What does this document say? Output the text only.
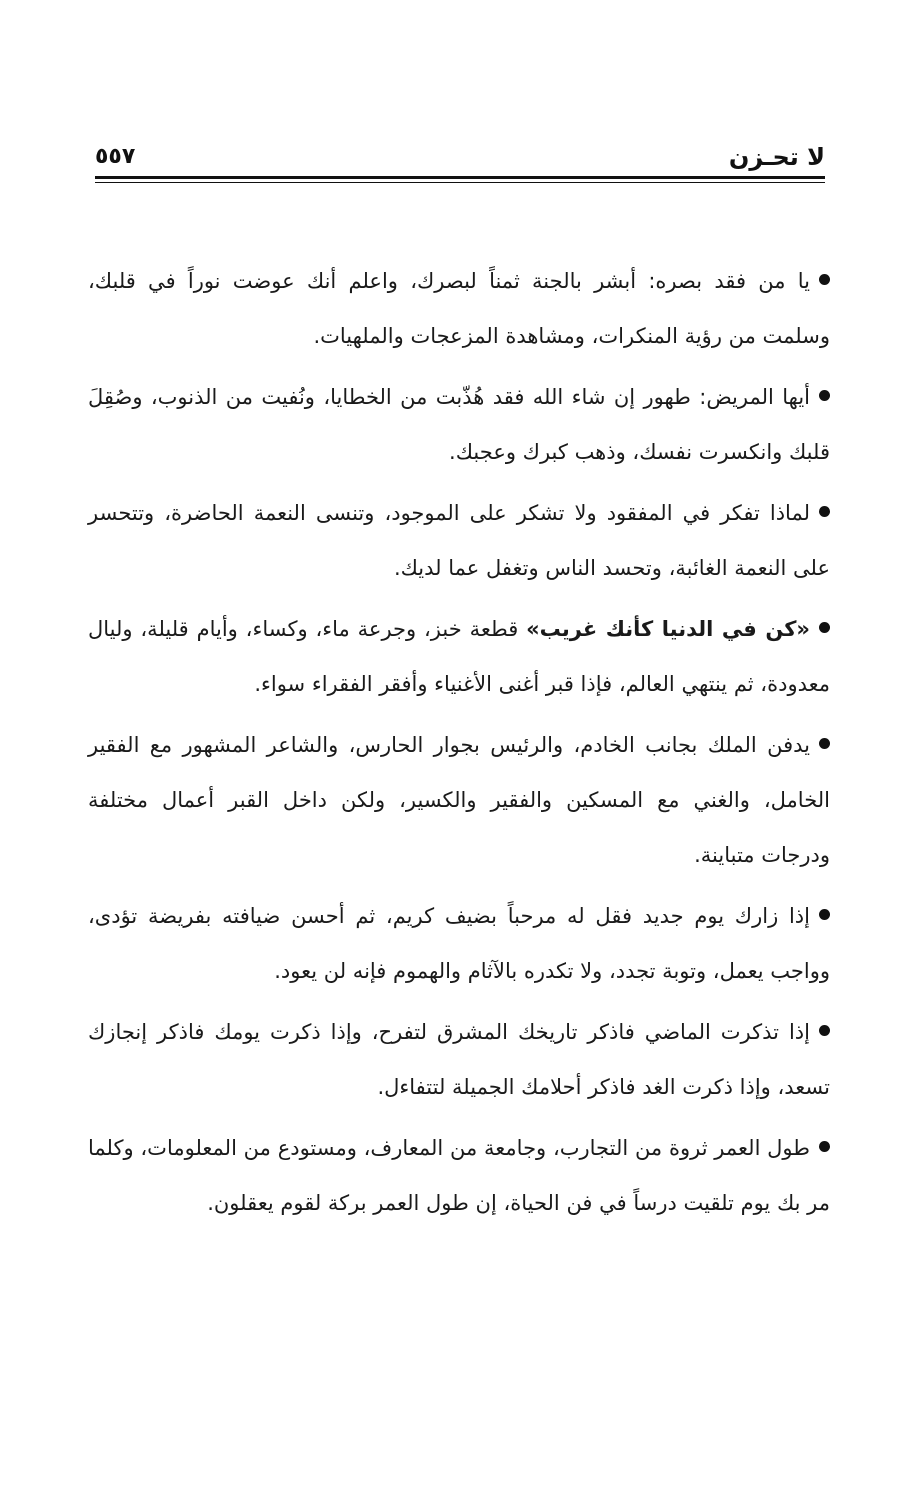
لا تحـزن
٥٥٧

يا من فقد بصره: أبشر بالجنة ثمناً لبصرك، واعلم أنك عوضت نوراً في قلبك، وسلمت من رؤية المنكرات، ومشاهدة المزعجات والملهيات.

أيها المريض: طهور إن شاء الله فقد هُذّبت من الخطايا، ونُفيت من الذنوب، وصُقِلَ قلبك وانكسرت نفسك، وذهب كبرك وعجبك.

لماذا تفكر في المفقود ولا تشكر على الموجود، وتنسى النعمة الحاضرة، وتتحسر على النعمة الغائبة، وتحسد الناس وتغفل عما لديك.

«كن في الدنيا كأنك غريب» قطعة خبز، وجرعة ماء، وكساء، وأيام قليلة، وليال معدودة، ثم ينتهي العالم، فإذا قبر أغنى الأغنياء وأفقر الفقراء سواء.

يدفن الملك بجانب الخادم، والرئيس بجوار الحارس، والشاعر المشهور مع الفقير الخامل، والغني مع المسكين والفقير والكسير، ولكن داخل القبر أعمال مختلفة ودرجات متباينة.

إذا زارك يوم جديد فقل له مرحباً بضيف كريم، ثم أحسن ضيافته بفريضة تؤدى، وواجب يعمل، وتوبة تجدد، ولا تكدره بالآثام والهموم فإنه لن يعود.

إذا تذكرت الماضي فاذكر تاريخك المشرق لتفرح، وإذا ذكرت يومك فاذكر إنجازك تسعد، وإذا ذكرت الغد فاذكر أحلامك الجميلة لتتفاءل.

طول العمر ثروة من التجارب، وجامعة من المعارف، ومستودع من المعلومات، وكلما مر بك يوم تلقيت درساً في فن الحياة، إن طول العمر بركة لقوم يعقلون.
